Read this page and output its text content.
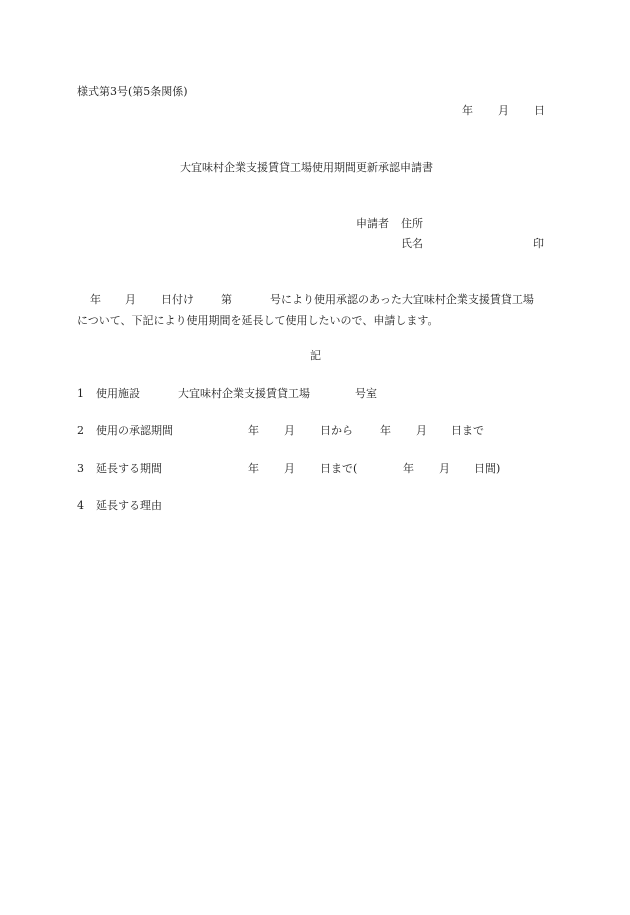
様式第3号(第5条関係)
年 月 日
大宜味村企業支援賃貸工場使用期間更新承認申請書
申請者 住所
氏名	印
年 月 日付け 第	号により使用承認のあった大宜味村企業支援賃貸工場
について、下記により使用期間を延長して使用したいので、申請します。
記
1 使用施設	大宜味村企業支援賃貸工場	号室
2 使用の承認期間	年 月 日から 年 月 日まで
3 延長する期間	年 月 日まで(	年 月 日間)
4 延長する理由
